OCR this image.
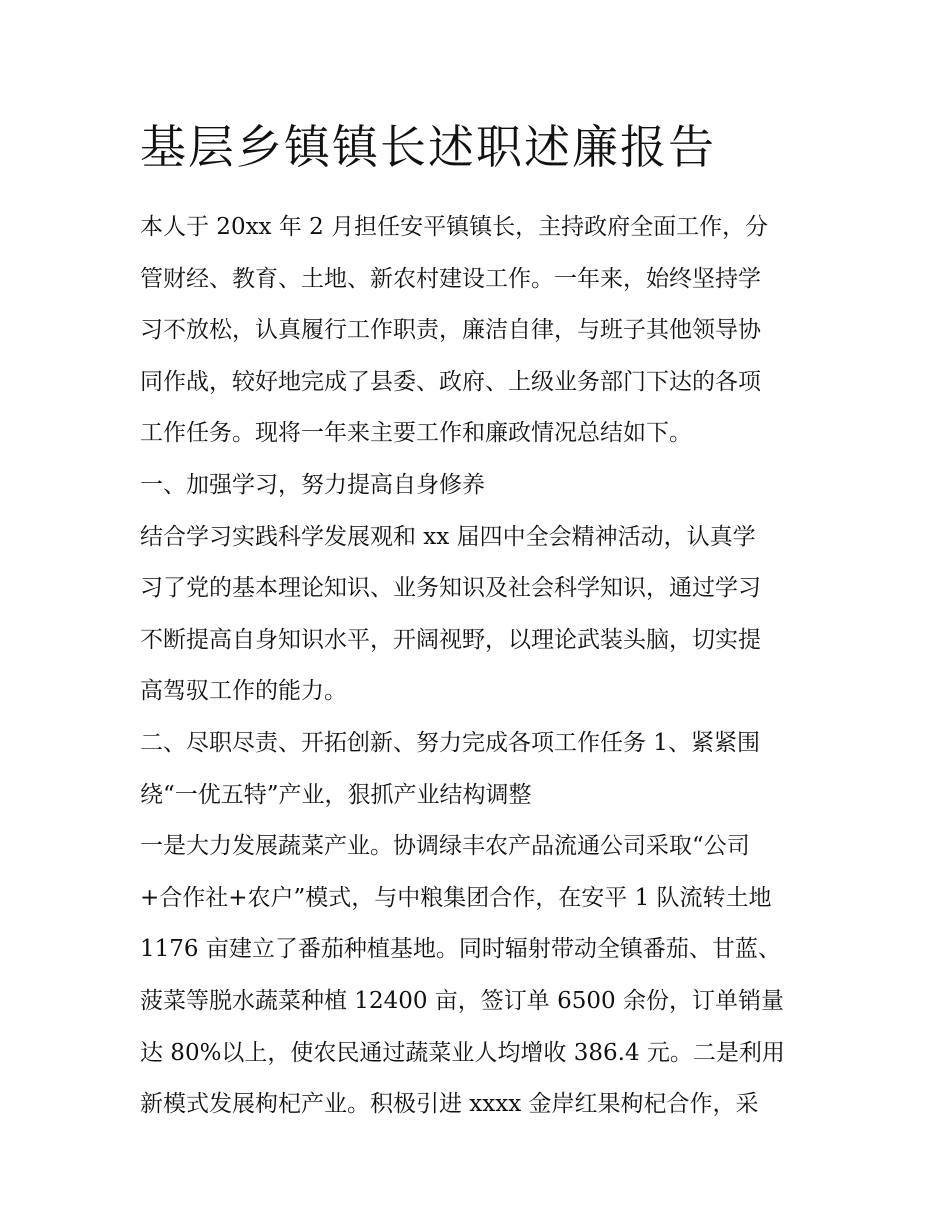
基层乡镇镇长述职述廉报告
本人于 20xx 年 2 月担任安平镇镇长，主持政府全面工作，分
管财经、教育、土地、新农村建设工作。一年来，始终坚持学
习不放松，认真履行工作职责，廉洁自律，与班子其他领导协
同作战，较好地完成了县委、政府、上级业务部门下达的各项
工作任务。现将一年来主要工作和廉政情况总结如下。
一、加强学习，努力提高自身修养
结合学习实践科学发展观和 xx 届四中全会精神活动，认真学
习了党的基本理论知识、业务知识及社会科学知识，通过学习
不断提高自身知识水平，开阔视野，以理论武装头脑，切实提
高驾驭工作的能力。
二、尽职尽责、开拓创新、努力完成各项工作任务 1、紧紧围
绕“一优五特”产业，狠抓产业结构调整
一是大力发展蔬菜产业。协调绿丰农产品流通公司采取“公司
+合作社+农户”模式，与中粮集团合作，在安平 1 队流转土地
1176 亩建立了番茄种植基地。同时辐射带动全镇番茄、甘蓝、
菠菜等脱水蔬菜种植 12400 亩，签订单 6500 余份，订单销量
达 80%以上，使农民通过蔬菜业人均增收 386.4 元。二是利用
新模式发展枸杞产业。积极引进 xxxx 金岸红果枸杞合作，采
